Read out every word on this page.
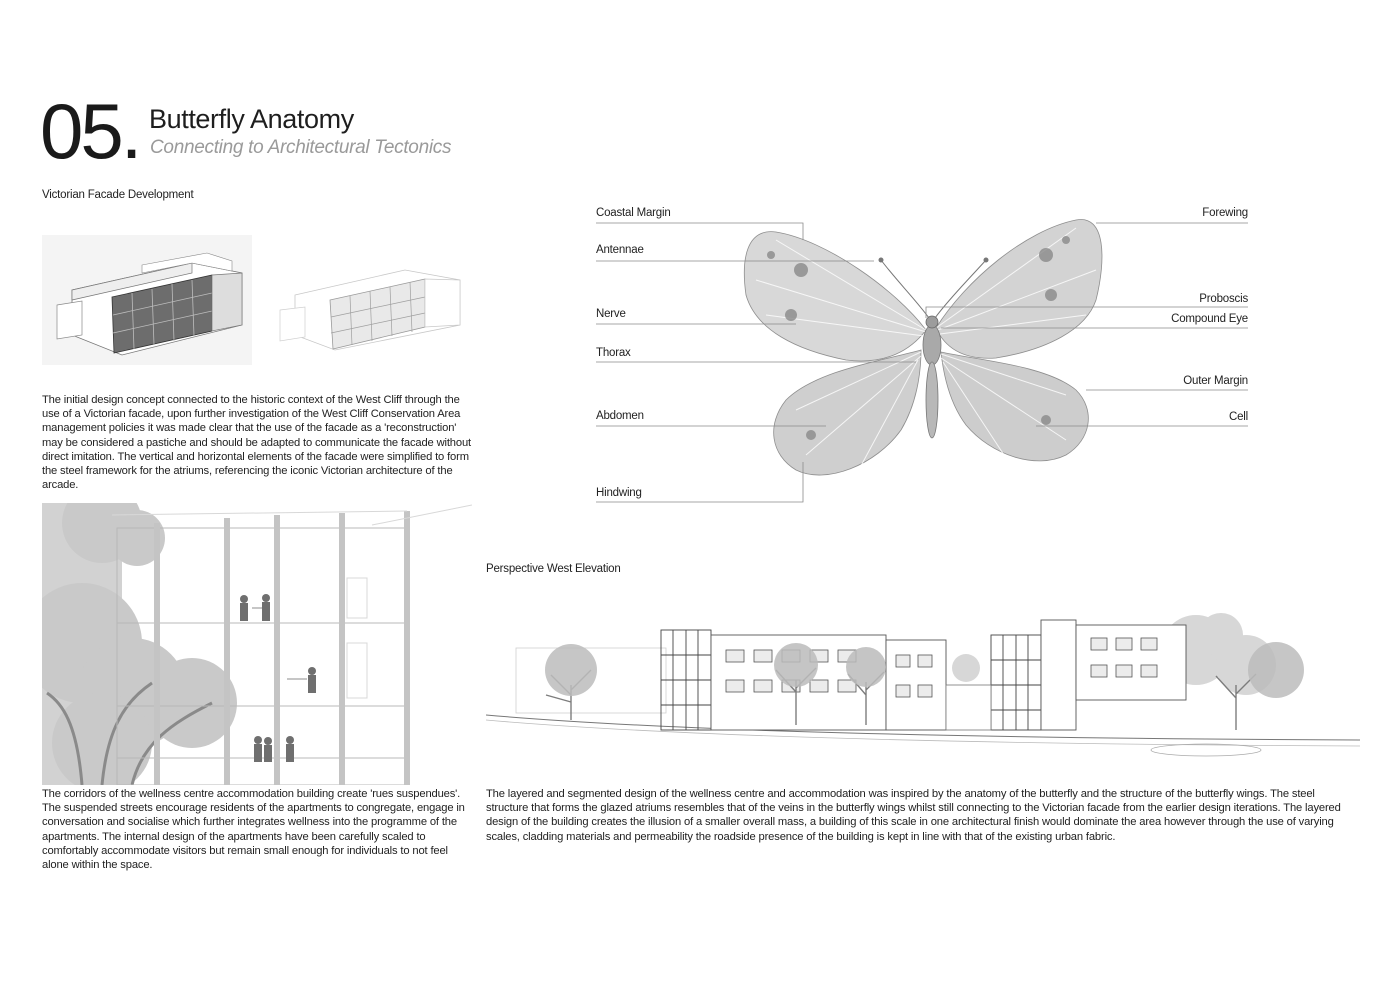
05. Butterfly Anatomy
Connecting to Architectural Tectonics
Victorian Facade Development
The initial design concept connected to the historic context of the West Cliff through the use of a Victorian facade, upon further investigation of the West Cliff Conservation Area management policies it was made clear that the use of the facade as a 'reconstruction' may be considered a pastiche and should be adapted to communicate the facade without direct imitation. The vertical and horizontal elements of the facade were simplified to form the steel framework for the atriums, referencing the iconic Victorian architecture of the arcade.
The corridors of the wellness centre accommodation building create 'rues suspendues'. The suspended streets encourage residents of the apartments to congregate, engage in conversation and socialise which further integrates wellness into the programme of the apartments. The internal design of the apartments have been carefully scaled to comfortably accommodate visitors but remain small enough for individuals to not feel alone within the space.
Coastal Margin
Antennae
Nerve
Thorax
Abdomen
Hindwing
Forewing
Proboscis
Compound Eye
Outer Margin
Cell
Perspective West Elevation
The layered and segmented design of the wellness centre and accommodation was inspired by the anatomy of the butterfly and the structure of the butterfly wings. The steel structure that forms the glazed atriums resembles that of the veins in the butterfly wings whilst still connecting to the Victorian facade from the earlier design iterations. The layered design of the building creates the illusion of a smaller overall mass, a building of this scale in one architectural finish would dominate the area however through the use of varying scales, cladding materials and permeability the roadside presence of the building is kept in line with that of the existing urban fabric.
